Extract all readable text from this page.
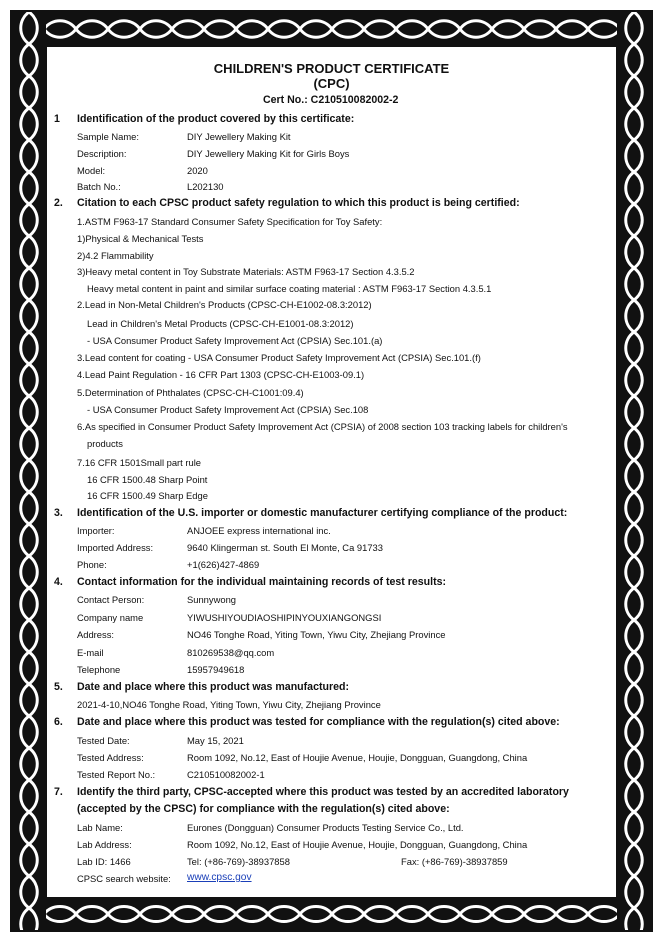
CHILDREN'S PRODUCT CERTIFICATE
(CPC)
Cert No.: C210510082002-2
1 Identification of the product covered by this certificate:
Sample Name:	DIY Jewellery Making Kit
Description:	DIY Jewellery Making Kit for Girls Boys
Model:	2020
Batch No.:	L202130
2. Citation to each CPSC product safety regulation to which this product is being certified:
1.ASTM F963-17 Standard Consumer Safety Specification for Toy Safety:
1)Physical & Mechanical Tests
2)4.2 Flammability
3)Heavy metal content in Toy Substrate Materials: ASTM F963-17 Section 4.3.5.2
Heavy metal content in paint and similar surface coating material : ASTM F963-17 Section 4.3.5.1
2.Lead in Non-Metal Children's Products (CPSC-CH-E1002-08.3:2012)
Lead in Children's Metal Products (CPSC-CH-E1001-08.3:2012)
- USA Consumer Product Safety Improvement Act (CPSIA) Sec.101.(a)
3.Lead content for coating - USA Consumer Product Safety Improvement Act (CPSIA) Sec.101.(f)
4.Lead Paint Regulation - 16 CFR Part 1303 (CPSC-CH-E1003-09.1)
5.Determination of Phthalates (CPSC-CH-C1001:09.4)
- USA Consumer Product Safety Improvement Act (CPSIA) Sec.108
6.As specified in Consumer Product Safety Improvement Act (CPSIA) of 2008 section 103 tracking labels for children's
products
7.16 CFR 1501Small part rule
16 CFR 1500.48 Sharp Point
16 CFR 1500.49 Sharp Edge
3. Identification of the U.S. importer or domestic manufacturer certifying compliance of the product:
Importer:	ANJOEE express international inc.
Imported Address:	9640 Klingerman st. South El Monte, Ca 91733
Phone:	+1(626)427-4869
4. Contact information for the individual maintaining records of test results:
Contact Person:	Sunnywong
Company name	YIWUSHIYOUDIAOSHIPINYOUXIANGONGSI
Address:	NO46 Tonghe Road, Yiting Town, Yiwu City, Zhejiang Province
E-mail	810269538@qq.com
Telephone	15957949618
5. Date and place where this product was manufactured:
2021-4-10,NO46 Tonghe Road, Yiting Town, Yiwu City, Zhejiang Province
6. Date and place where this product was tested for compliance with the regulation(s) cited above:
Tested Date:	May 15, 2021
Tested Address:	Room 1092, No.12, East of Houjie Avenue, Houjie, Dongguan, Guangdong, China
Tested Report No.:	C210510082002-1
7. Identify the third party, CPSC-accepted where this product was tested by an accredited laboratory
(accepted by the CPSC) for compliance with the regulation(s) cited above:
Lab Name:	Eurones (Dongguan) Consumer Products Testing Service Co., Ltd.
Lab Address:	Room 1092, No.12, East of Houjie Avenue, Houjie, Dongguan, Guangdong, China
Lab ID: 1466	Tel: (+86-769)-38937858	Fax: (+86-769)-38937859
CPSC search website: www.cpsc.gov
